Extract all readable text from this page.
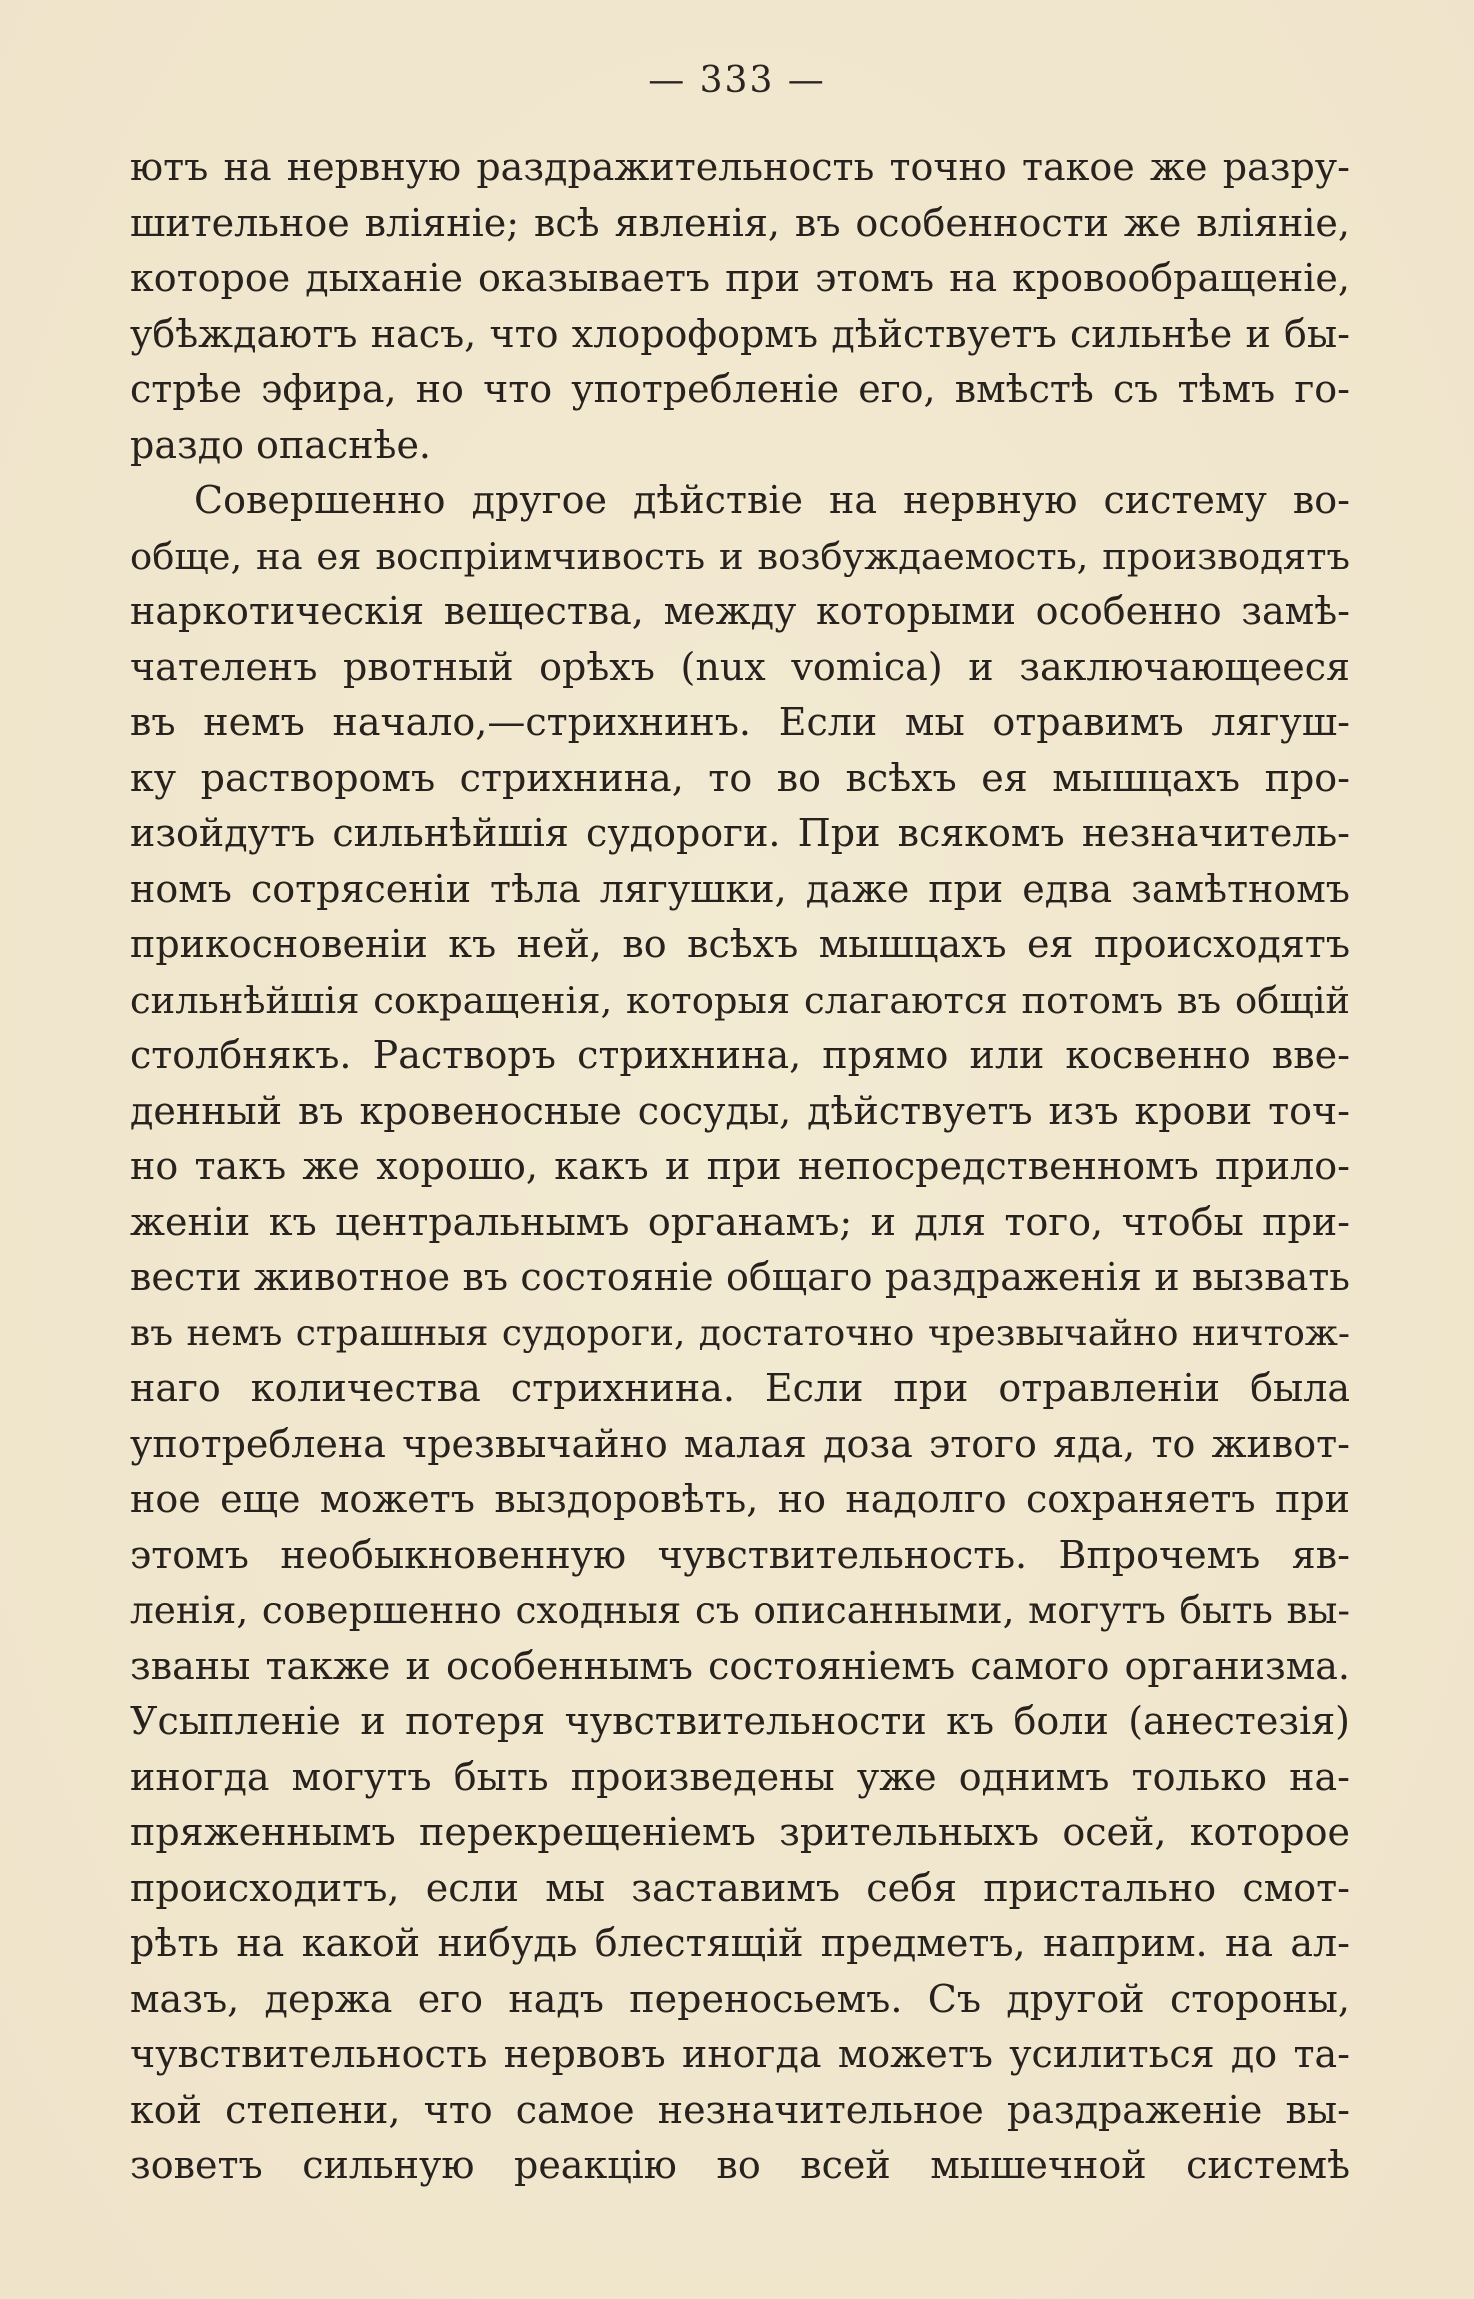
— 333 —
ютъ на нервную раздражительность точно такое же разру-
шительное вліяніе; всѣ явленія, въ особенности же вліяніе,
которое дыханіе оказываетъ при этомъ на кровообращеніе,
убѣждаютъ насъ, что хлороформъ дѣйствуетъ сильнѣе и бы-
стрѣе эфира, но что употребленіе его, вмѣстѣ съ тѣмъ го-
раздо опаснѣе.
Совершенно другое дѣйствіе на нервную систему во-
обще, на ея воспріимчивость и возбуждаемость, производятъ
наркотическія вещества, между которыми особенно замѣ-
чателенъ рвотный орѣхъ (nux vomica) и заключающееся
въ немъ начало,—стрихнинъ. Если мы отравимъ лягуш-
ку растворомъ стрихнина, то во всѣхъ ея мышцахъ про-
изойдутъ сильнѣйшія судороги. При всякомъ незначитель-
номъ сотрясеніи тѣла лягушки, даже при едва замѣтномъ
прикосновеніи къ ней, во всѣхъ мышцахъ ея происходятъ
сильнѣйшія сокращенія, которыя слагаются потомъ въ общій
столбнякъ. Растворъ стрихнина, прямо или косвенно вве-
денный въ кровеносные сосуды, дѣйствуетъ изъ крови точ-
но такъ же хорошо, какъ и при непосредственномъ прило-
женіи къ центральнымъ органамъ; и для того, чтобы при-
вести животное въ состояніе общаго раздраженія и вызвать
въ немъ страшныя судороги, достаточно чрезвычайно ничтож-
наго количества стрихнина. Если при отравленіи была
употреблена чрезвычайно малая доза этого яда, то живот-
ное еще можетъ выздоровѣть, но надолго сохраняетъ при
этомъ необыкновенную чувствительность. Впрочемъ яв-
ленія, совершенно сходныя съ описанными, могутъ быть вы-
званы также и особеннымъ состояніемъ самого организма.
Усыпленіе и потеря чувствительности къ боли (анестезія)
иногда могутъ быть произведены уже однимъ только на-
пряженнымъ перекрещеніемъ зрительныхъ осей, которое
происходитъ, если мы заставимъ себя пристально смот-
рѣть на какой нибудь блестящій предметъ, наприм. на ал-
мазъ, держа его надъ переносьемъ. Съ другой стороны,
чувствительность нервовъ иногда можетъ усилиться до та-
кой степени, что самое незначительное раздраженіе вы-
зоветъ сильную реакцію во всей мышечной системѣ
